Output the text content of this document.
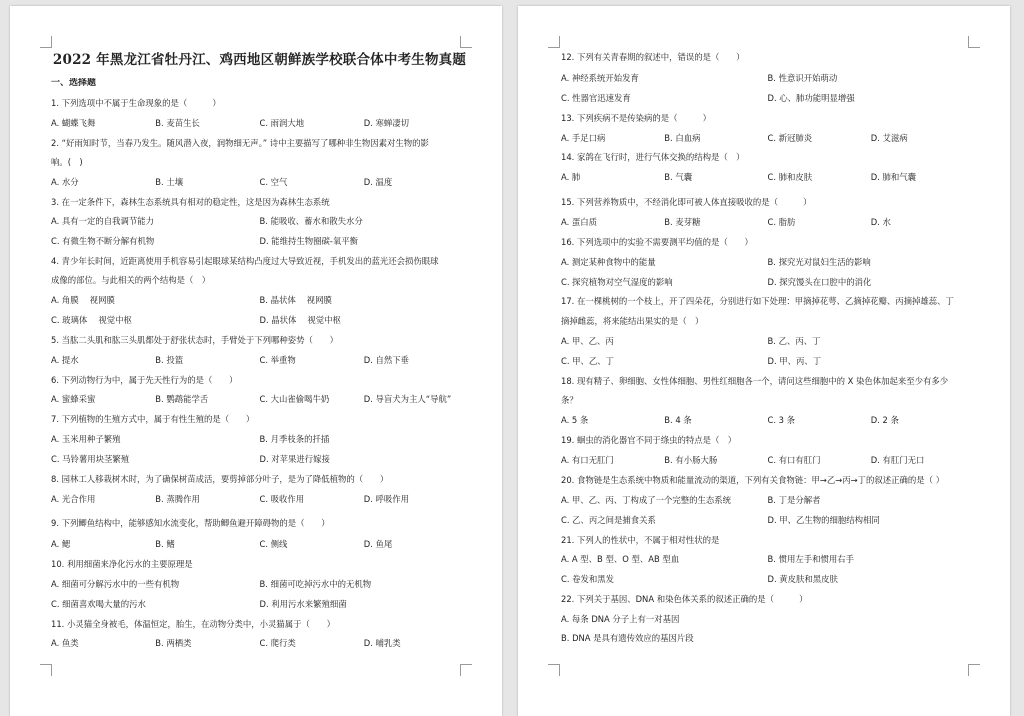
2022 年黑龙江省牡丹江、鸡西地区朝鲜族学校联合体中考生物真题
一、选择题
1. 下列选项中不属于生命现象的是（　　　）
A. 蝴蝶飞舞	B. 麦苗生长	C. 雨润大地	D. 寒蝉凄切
2. “好雨知时节，当春乃发生。随风潜入夜，润物细无声。” 诗中主要描写了哪种非生物因素对生物的影
响。(　)
A. 水分	B. 土壤	C. 空气	D. 温度
3. 在一定条件下，森林生态系统具有相对的稳定性，这是因为森林生态系统
A. 具有一定的自我调节能力	B. 能吸收、蓄水和散失水分
C. 有微生物不断分解有机物	D. 能维持生物圈碳-氧平衡
4. 青少年长时间，近距离使用手机容易引起眼球某结构凸度过大导致近视，手机发出的蓝光还会损伤眼球
成像的部位。与此相关的两个结构是（　）
A. 角膜　 视网膜	B. 晶状体　 视网膜
C. 玻璃体　 视觉中枢	D. 晶状体　 视觉中枢
5. 当肱二头肌和肱三头肌都处于舒张状态时，手臂处于下列哪种姿势（　　）
A. 提水	B. 投篮	C. 举重物	D. 自然下垂
6. 下列动物行为中，属于先天性行为的是（　　）
A. 蜜蜂采蜜	B. 鹦鹉能学舌	C. 大山雀偷喝牛奶	D. 导盲犬为主人“导航”
7. 下列植物的生殖方式中，属于有性生殖的是（　　）
A. 玉米用种子繁殖	B. 月季枝条的扦插
C. 马铃薯用块茎繁殖	D. 对苹果进行嫁接
8. 园林工人移栽树木时，为了确保树苗成活，要剪掉部分叶子，是为了降低植物的（　　）
A. 光合作用	B. 蒸腾作用	C. 吸收作用	D. 呼吸作用
9. 下列鲫鱼结构中，能够感知水流变化，帮助鲫鱼避开障碍物的是（　　）
A. 鳃	B. 鳍	C. 侧线	D. 鱼尾
10. 利用细菌来净化污水的主要原理是
A. 细菌可分解污水中的一些有机物	B. 细菌可吃掉污水中的无机物
C. 细菌喜欢喝大量的污水	D. 利用污水来繁殖细菌
11. 小灵猫全身被毛，体温恒定，胎生，在动物分类中，小灵猫属于（　　）
A. 鱼类	B. 两栖类	C. 爬行类	D. 哺乳类
12. 下列有关青春期的叙述中，错误的是（　　）
A. 神经系统开始发育	B. 性意识开始萌动
C. 性器官迅速发育	D. 心、肺功能明显增强
13. 下列疾病不是传染病的是（　　　）
A. 手足口病	B. 白血病	C. 新冠肺炎	D. 艾滋病
14. 家鸽在飞行时，进行气体交换的结构是（　）
A. 肺	B. 气囊	C. 肺和皮肤	D. 肺和气囊
15. 下列营养物质中，不经消化即可被人体直接吸收的是（　　　）
A. 蛋白质	B. 麦芽糖	C. 脂肪	D. 水
16. 下列选项中的实验不需要测平均值的是（　　）
A. 测定某种食物中的能量	B. 探究光对鼠妇生活的影响
C. 探究植物对空气湿度的影响	D. 探究馒头在口腔中的消化
17. 在一棵桃树的一个枝上，开了四朵花，分别进行如下处理：甲摘掉花萼、乙摘掉花瓣、丙摘掉雄蕊、丁
摘掉雌蕊，将来能结出果实的是（　）
A. 甲、乙、丙	B. 乙、丙、丁
C. 甲、乙、丁	D. 甲、丙、丁
18. 现有精子、卵细胞、女性体细胞、男性红细胞各一个，请问这些细胞中的 X 染色体加起来至少有多少
条？
A. 5 条	B. 4 条	C. 3 条	D. 2 条
19. 蛔虫的消化器官不同于绦虫的特点是（　）
A. 有口无肛门	B. 有小肠大肠	C. 有口有肛门	D. 有肛门无口
20. 食物链是生态系统中物质和能量流动的渠道，下列有关食物链：甲→乙→丙→丁的叙述正确的是（ ）
A. 甲、乙、丙、丁构成了一个完整的生态系统	B. 丁是分解者
C. 乙、丙之间是捕食关系	D. 甲、乙生物的细胞结构相同
21. 下列人的性状中，不属于相对性状的是
A. A 型、B 型、O 型、AB 型血	B. 惯用左手和惯用右手
C. 卷发和黑发	D. 黄皮肤和黑皮肤
22. 下列关于基因、DNA 和染色体关系的叙述正确的是（　　　）
A. 每条 DNA 分子上有一对基因
B. DNA 是具有遗传效应的基因片段
